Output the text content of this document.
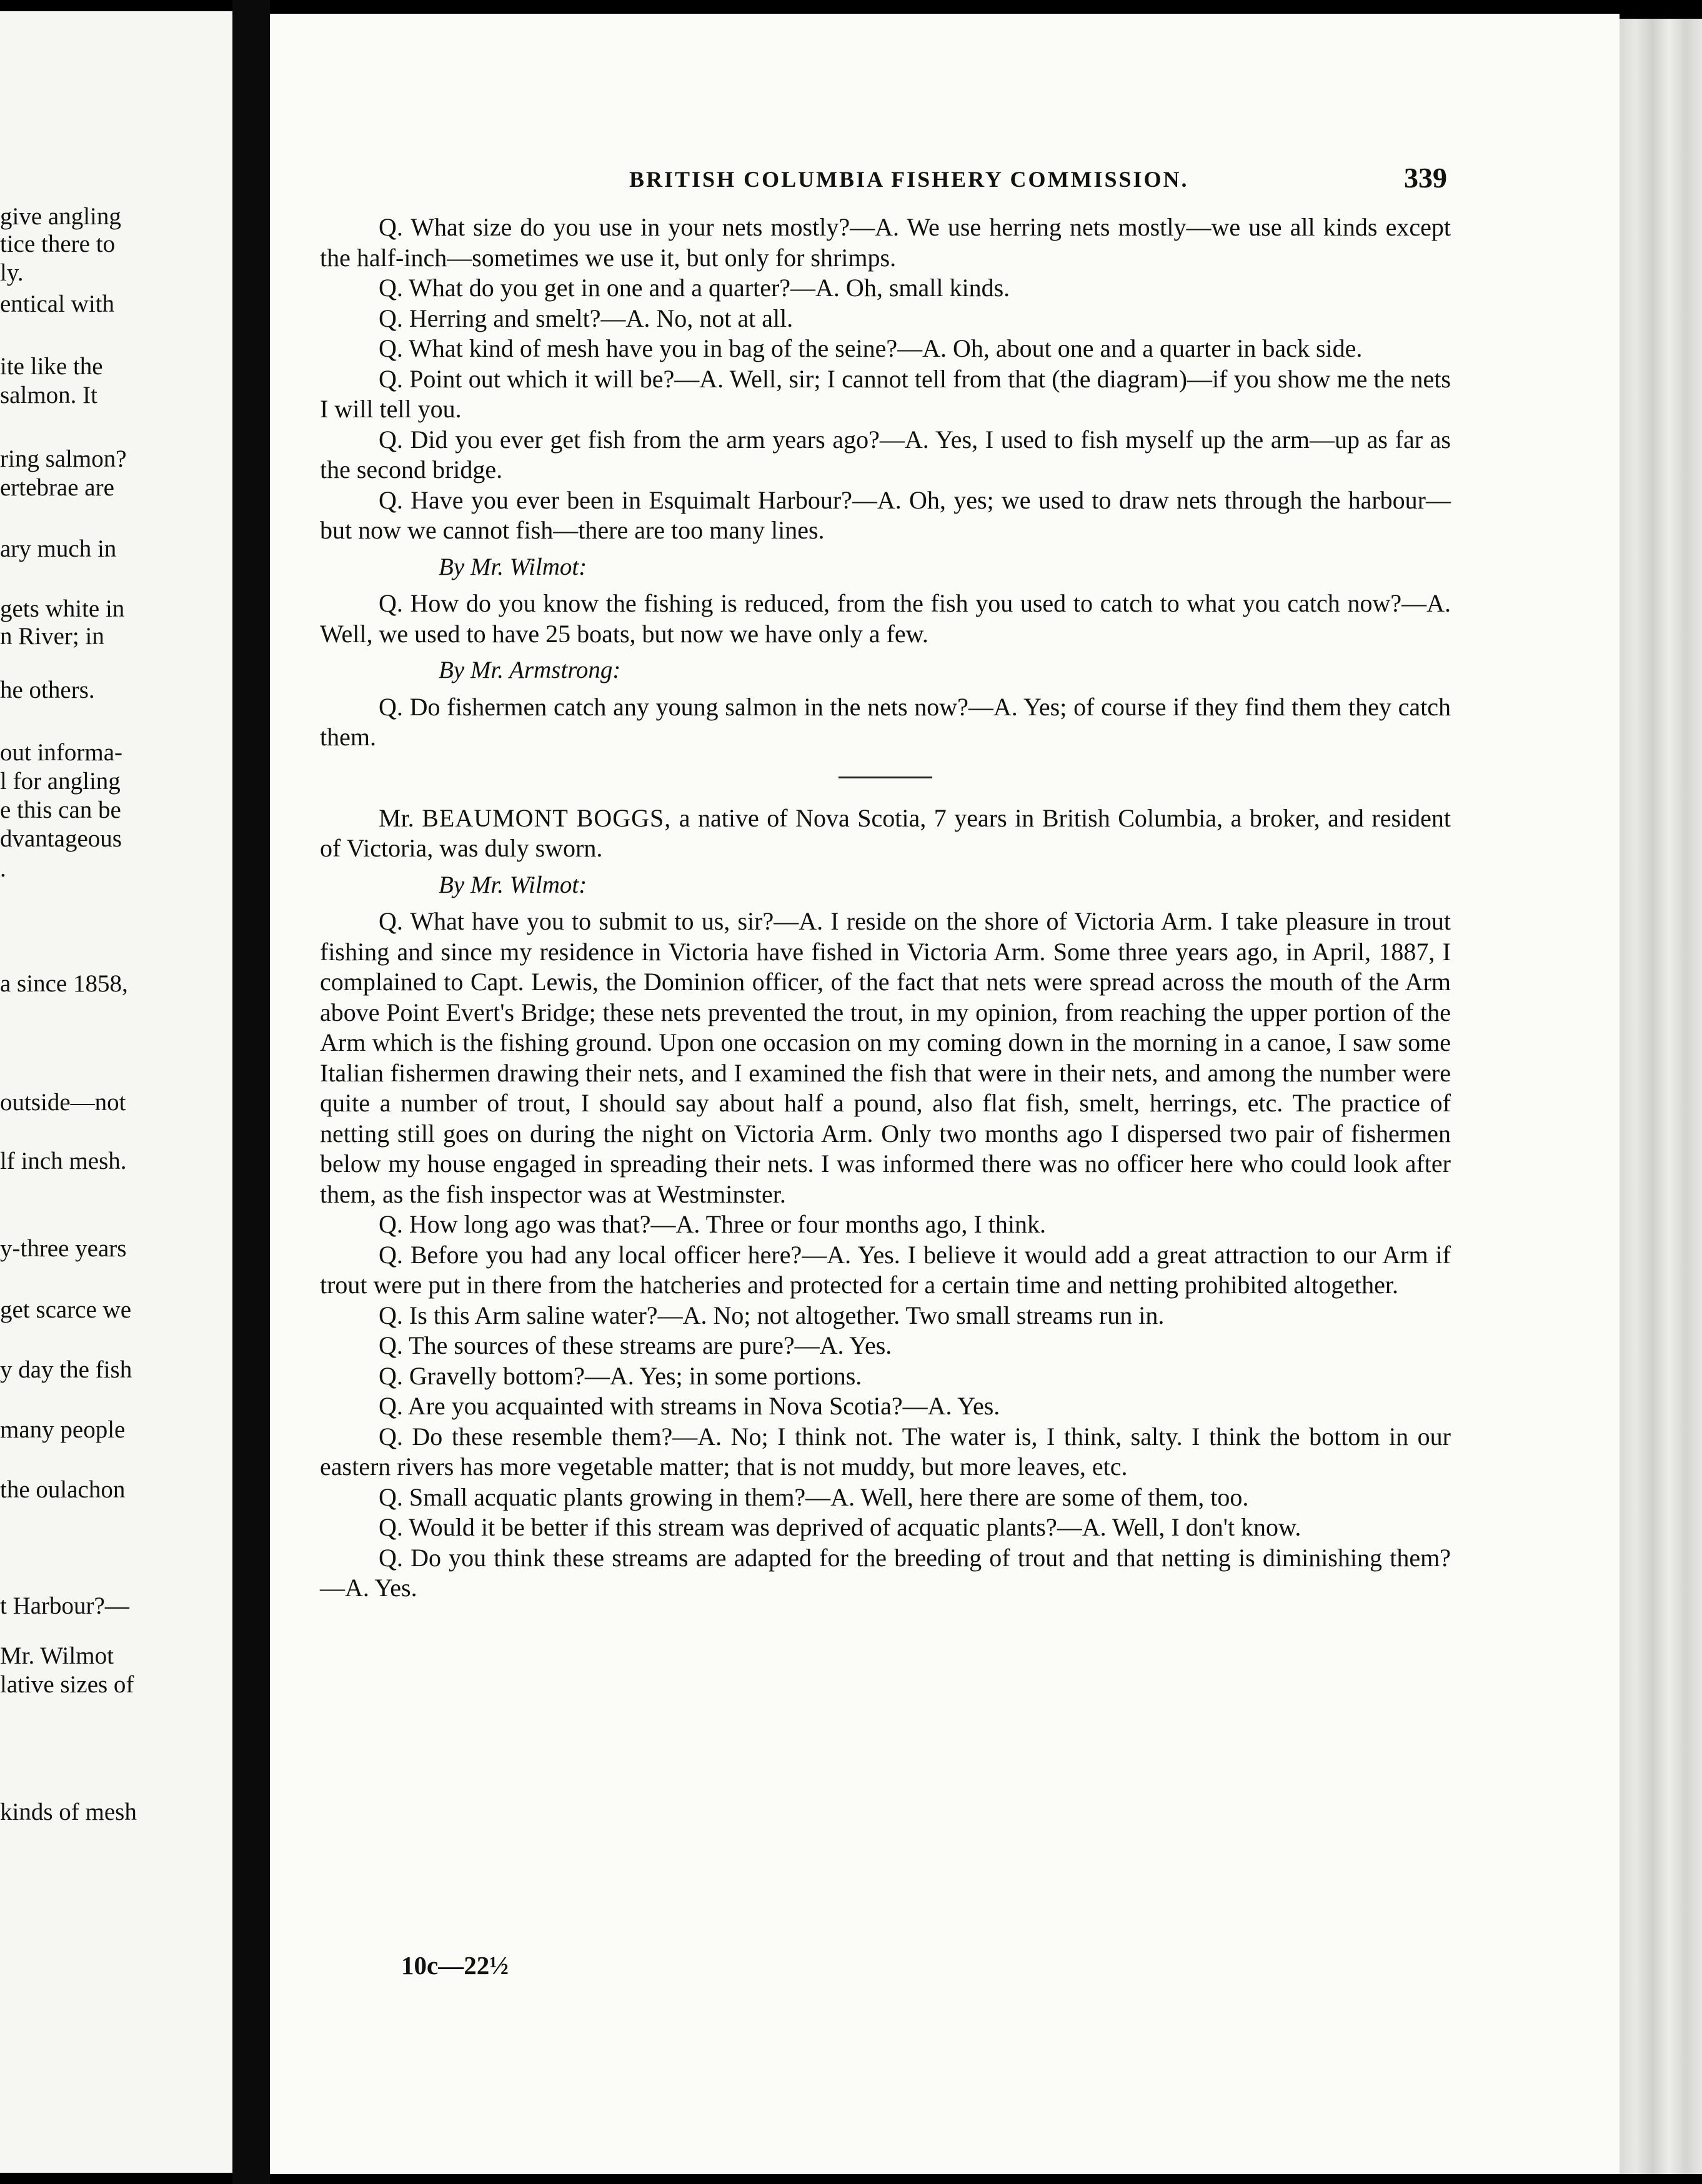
give angling

tice there to

ly.

entical with

ite like the

salmon. It

ring salmon?

ertebrae are

ary much in

gets white in

n River; in

he others.

out informa-

l for angling

e this can be

dvantageous

.

a since 1858,

outside—not

lf inch mesh.

y-three years

get scarce we

y day the fish

many people

the oulachon

t Harbour?—

Mr. Wilmot

lative sizes of

kinds of mesh

BRITISH COLUMBIA FISHERY COMMISSION.	339

Q. What size do you use in your nets mostly?—A. We use herring nets mostly—we use all kinds except the half-inch—sometimes we use it, but only for shrimps.

Q. What do you get in one and a quarter?—A. Oh, small kinds.

Q. Herring and smelt?—A. No, not at all.

Q. What kind of mesh have you in bag of the seine?—A. Oh, about one and a quarter in back side.

Q. Point out which it will be?—A. Well, sir; I cannot tell from that (the diagram)—if you show me the nets I will tell you.

Q. Did you ever get fish from the arm years ago?—A. Yes, I used to fish myself up the arm—up as far as the second bridge.

Q. Have you ever been in Esquimalt Harbour?—A. Oh, yes; we used to draw nets through the harbour—but now we cannot fish—there are too many lines.

By Mr. Wilmot:

Q. How do you know the fishing is reduced, from the fish you used to catch to what you catch now?—A. Well, we used to have 25 boats, but now we have only a few.

By Mr. Armstrong:

Q. Do fishermen catch any young salmon in the nets now?—A. Yes; of course if they find them they catch them.

Mr. BEAUMONT BOGGS, a native of Nova Scotia, 7 years in British Columbia, a broker, and resident of Victoria, was duly sworn.

By Mr. Wilmot:

Q. What have you to submit to us, sir?—A. I reside on the shore of Victoria Arm. I take pleasure in trout fishing and since my residence in Victoria have fished in Victoria Arm. Some three years ago, in April, 1887, I complained to Capt. Lewis, the Dominion officer, of the fact that nets were spread across the mouth of the Arm above Point Evert's Bridge; these nets prevented the trout, in my opinion, from reaching the upper portion of the Arm which is the fishing ground. Upon one occasion on my coming down in the morning in a canoe, I saw some Italian fishermen drawing their nets, and I examined the fish that were in their nets, and among the number were quite a number of trout, I should say about half a pound, also flat fish, smelt, herrings, etc. The practice of netting still goes on during the night on Victoria Arm. Only two months ago I dispersed two pair of fishermen below my house engaged in spreading their nets. I was informed there was no officer here who could look after them, as the fish inspector was at Westminster.

Q. How long ago was that?—A. Three or four months ago, I think.

Q. Before you had any local officer here?—A. Yes. I believe it would add a great attraction to our Arm if trout were put in there from the hatcheries and protected for a certain time and netting prohibited altogether.

Q. Is this Arm saline water?—A. No; not altogether. Two small streams run in.

Q. The sources of these streams are pure?—A. Yes.

Q. Gravelly bottom?—A. Yes; in some portions.

Q. Are you acquainted with streams in Nova Scotia?—A. Yes.

Q. Do these resemble them?—A. No; I think not. The water is, I think, salty. I think the bottom in our eastern rivers has more vegetable matter; that is not muddy, but more leaves, etc.

Q. Small acquatic plants growing in them?—A. Well, here there are some of them, too.

Q. Would it be better if this stream was deprived of acquatic plants?—A. Well, I don't know.

Q. Do you think these streams are adapted for the breeding of trout and that netting is diminishing them?—A. Yes.

10c—22½
